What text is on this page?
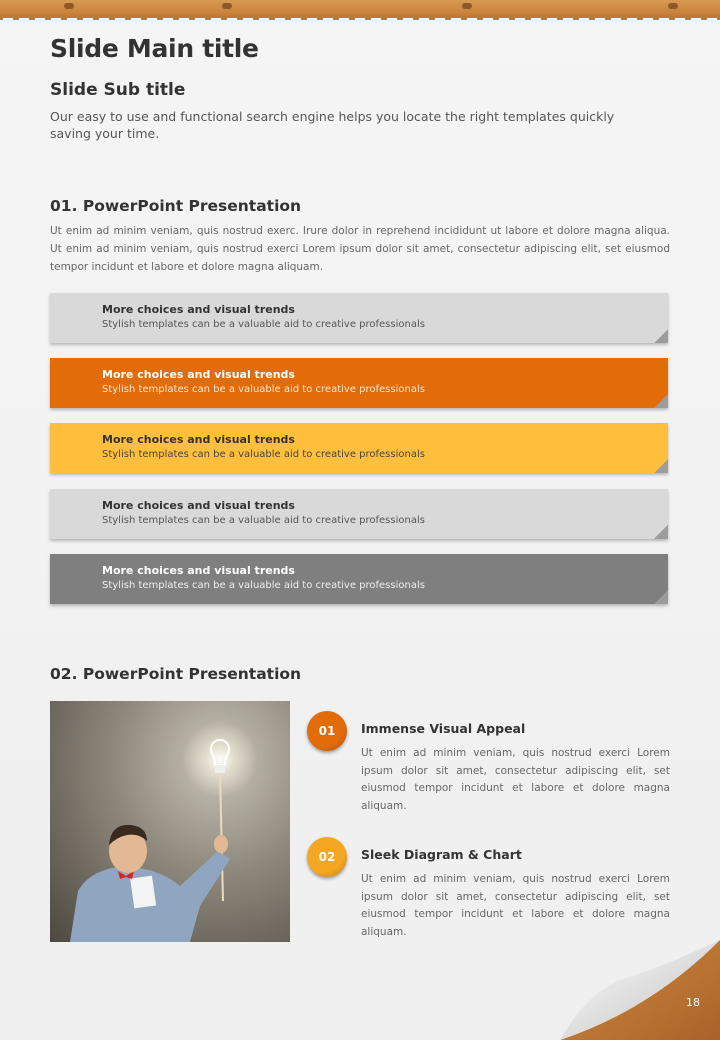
Slide Main title
Slide Sub title
Our easy to use and functional search engine helps you locate the right templates quickly saving your time.
01. PowerPoint Presentation
Ut enim ad minim veniam, quis nostrud exerc. Irure dolor in reprehend incididunt ut labore et dolore magna aliqua. Ut enim ad minim veniam, quis nostrud exerci Lorem ipsum dolor sit amet, consectetur adipiscing elit, set eiusmod tempor incidunt et labore et dolore magna aliquam.
More choices and visual trends
Stylish templates can be a valuable aid to creative professionals
More choices and visual trends
Stylish templates can be a valuable aid to creative professionals
More choices and visual trends
Stylish templates can be a valuable aid to creative professionals
More choices and visual trends
Stylish templates can be a valuable aid to creative professionals
More choices and visual trends
Stylish templates can be a valuable aid to creative professionals
02. PowerPoint Presentation
01	Immense Visual Appeal
Ut enim ad minim veniam, quis nostrud exerci Lorem ipsum dolor sit amet, consectetur adipiscing elit, set eiusmod tempor incidunt et labore et dolore magna aliquam.
02	Sleek Diagram & Chart
Ut enim ad minim veniam, quis nostrud exerci Lorem ipsum dolor sit amet, consectetur adipiscing elit, set eiusmod tempor incidunt et labore et dolore magna aliquam.
18
